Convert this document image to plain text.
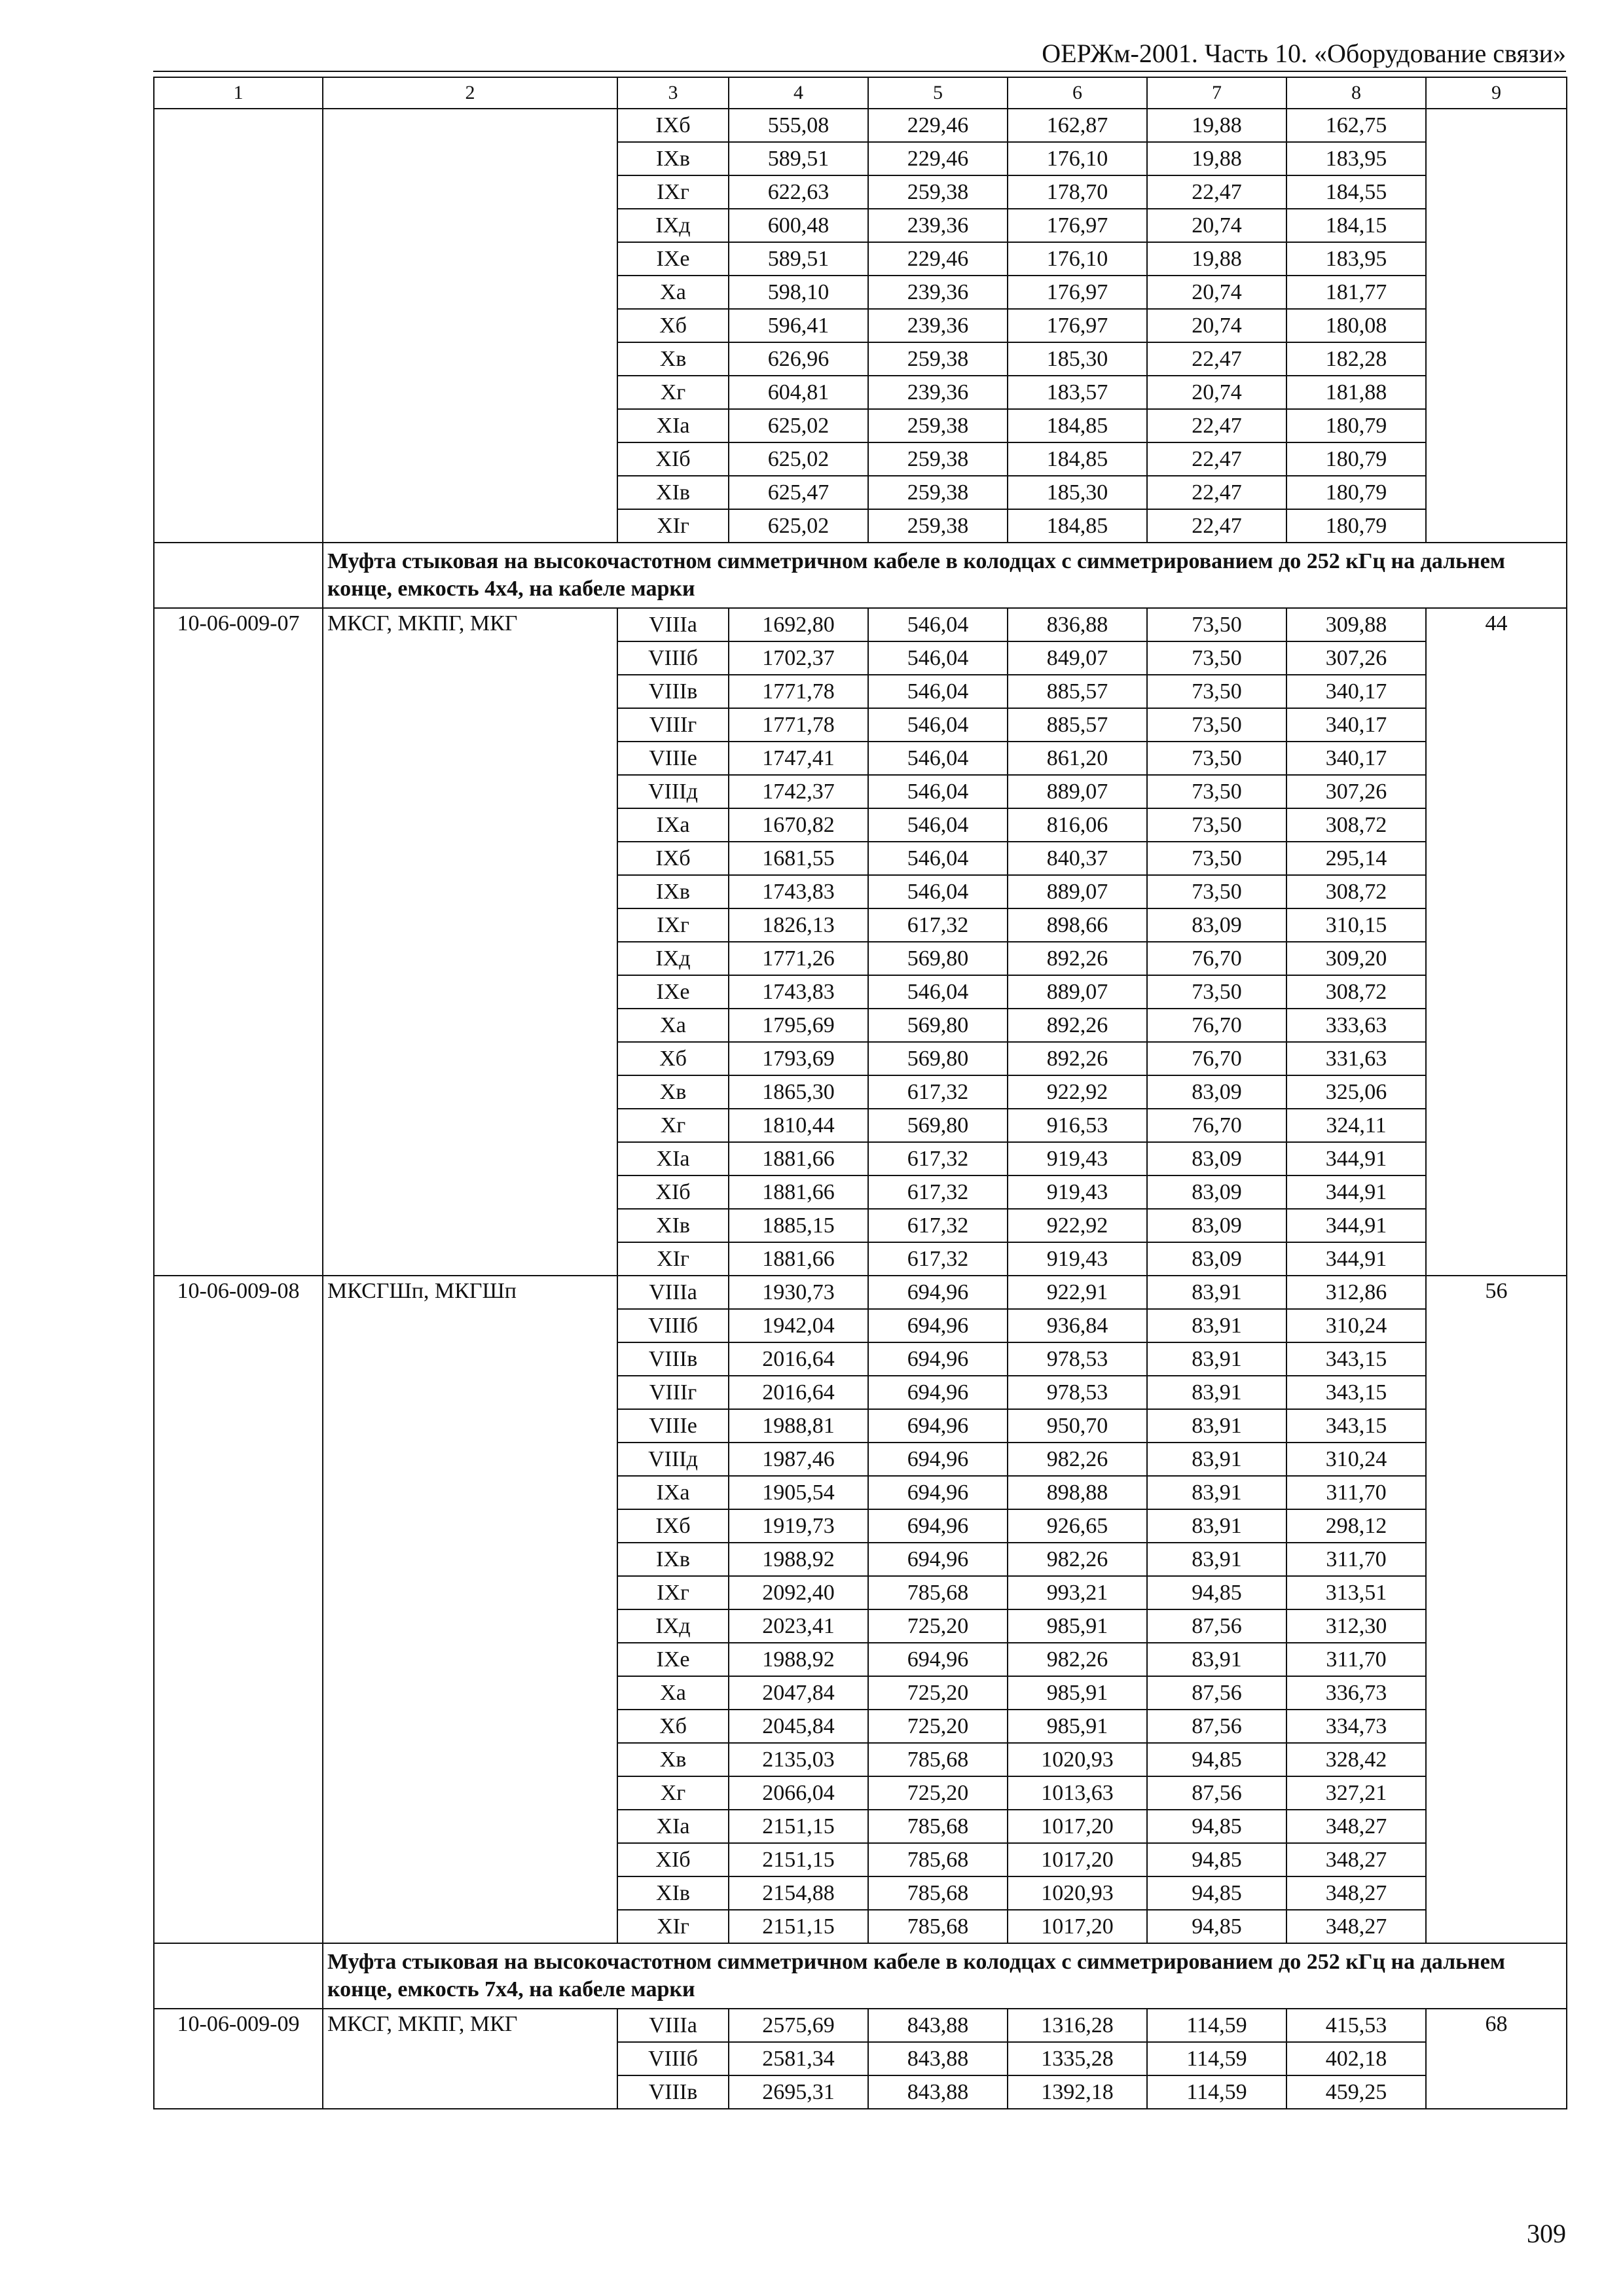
ОЕРЖм-2001. Часть 10. «Оборудование связи»
1	2	3	4	5	6	7	8	9
		IXб	555,08	229,46	162,87	19,88	162,75	
		IXв	589,51	229,46	176,10	19,88	183,95	
		IXг	622,63	259,38	178,70	22,47	184,55	
		IXд	600,48	239,36	176,97	20,74	184,15	
		IXе	589,51	229,46	176,10	19,88	183,95	
		Xа	598,10	239,36	176,97	20,74	181,77	
		Xб	596,41	239,36	176,97	20,74	180,08	
		Xв	626,96	259,38	185,30	22,47	182,28	
		Xг	604,81	239,36	183,57	20,74	181,88	
		XIа	625,02	259,38	184,85	22,47	180,79	
		XIб	625,02	259,38	184,85	22,47	180,79	
		XIв	625,47	259,38	185,30	22,47	180,79	
		XIг	625,02	259,38	184,85	22,47	180,79	
	Муфта стыковая на высокочастотном симметричном кабеле в колодцах с симметрированием до 252 кГц на дальнем конце, емкость 4х4, на кабеле марки							
10-06-009-07	МКСГ, МКПГ, МКГ	VIIIа	1692,80	546,04	836,88	73,50	309,88	44
		VIIIб	1702,37	546,04	849,07	73,50	307,26	
		VIIIв	1771,78	546,04	885,57	73,50	340,17	
		VIIIг	1771,78	546,04	885,57	73,50	340,17	
		VIIIе	1747,41	546,04	861,20	73,50	340,17	
		VIIIд	1742,37	546,04	889,07	73,50	307,26	
		IXа	1670,82	546,04	816,06	73,50	308,72	
		IXб	1681,55	546,04	840,37	73,50	295,14	
		IXв	1743,83	546,04	889,07	73,50	308,72	
		IXг	1826,13	617,32	898,66	83,09	310,15	
		IXд	1771,26	569,80	892,26	76,70	309,20	
		IXе	1743,83	546,04	889,07	73,50	308,72	
		Xа	1795,69	569,80	892,26	76,70	333,63	
		Xб	1793,69	569,80	892,26	76,70	331,63	
		Xв	1865,30	617,32	922,92	83,09	325,06	
		Xг	1810,44	569,80	916,53	76,70	324,11	
		XIа	1881,66	617,32	919,43	83,09	344,91	
		XIб	1881,66	617,32	919,43	83,09	344,91	
		XIв	1885,15	617,32	922,92	83,09	344,91	
		XIг	1881,66	617,32	919,43	83,09	344,91	
10-06-009-08	МКСГШп, МКГШп	VIIIа	1930,73	694,96	922,91	83,91	312,86	56
		VIIIб	1942,04	694,96	936,84	83,91	310,24	
		VIIIв	2016,64	694,96	978,53	83,91	343,15	
		VIIIг	2016,64	694,96	978,53	83,91	343,15	
		VIIIе	1988,81	694,96	950,70	83,91	343,15	
		VIIIд	1987,46	694,96	982,26	83,91	310,24	
		IXа	1905,54	694,96	898,88	83,91	311,70	
		IXб	1919,73	694,96	926,65	83,91	298,12	
		IXв	1988,92	694,96	982,26	83,91	311,70	
		IXг	2092,40	785,68	993,21	94,85	313,51	
		IXд	2023,41	725,20	985,91	87,56	312,30	
		IXе	1988,92	694,96	982,26	83,91	311,70	
		Xа	2047,84	725,20	985,91	87,56	336,73	
		Xб	2045,84	725,20	985,91	87,56	334,73	
		Xв	2135,03	785,68	1020,93	94,85	328,42	
		Xг	2066,04	725,20	1013,63	87,56	327,21	
		XIа	2151,15	785,68	1017,20	94,85	348,27	
		XIб	2151,15	785,68	1017,20	94,85	348,27	
		XIв	2154,88	785,68	1020,93	94,85	348,27	
		XIг	2151,15	785,68	1017,20	94,85	348,27	
	Муфта стыковая на высокочастотном симметричном кабеле в колодцах с симметрированием до 252 кГц на дальнем конце, емкость 7х4, на кабеле марки							
10-06-009-09	МКСГ, МКПГ, МКГ	VIIIа	2575,69	843,88	1316,28	114,59	415,53	68
		VIIIб	2581,34	843,88	1335,28	114,59	402,18	
		VIIIв	2695,31	843,88	1392,18	114,59	459,25	
309
